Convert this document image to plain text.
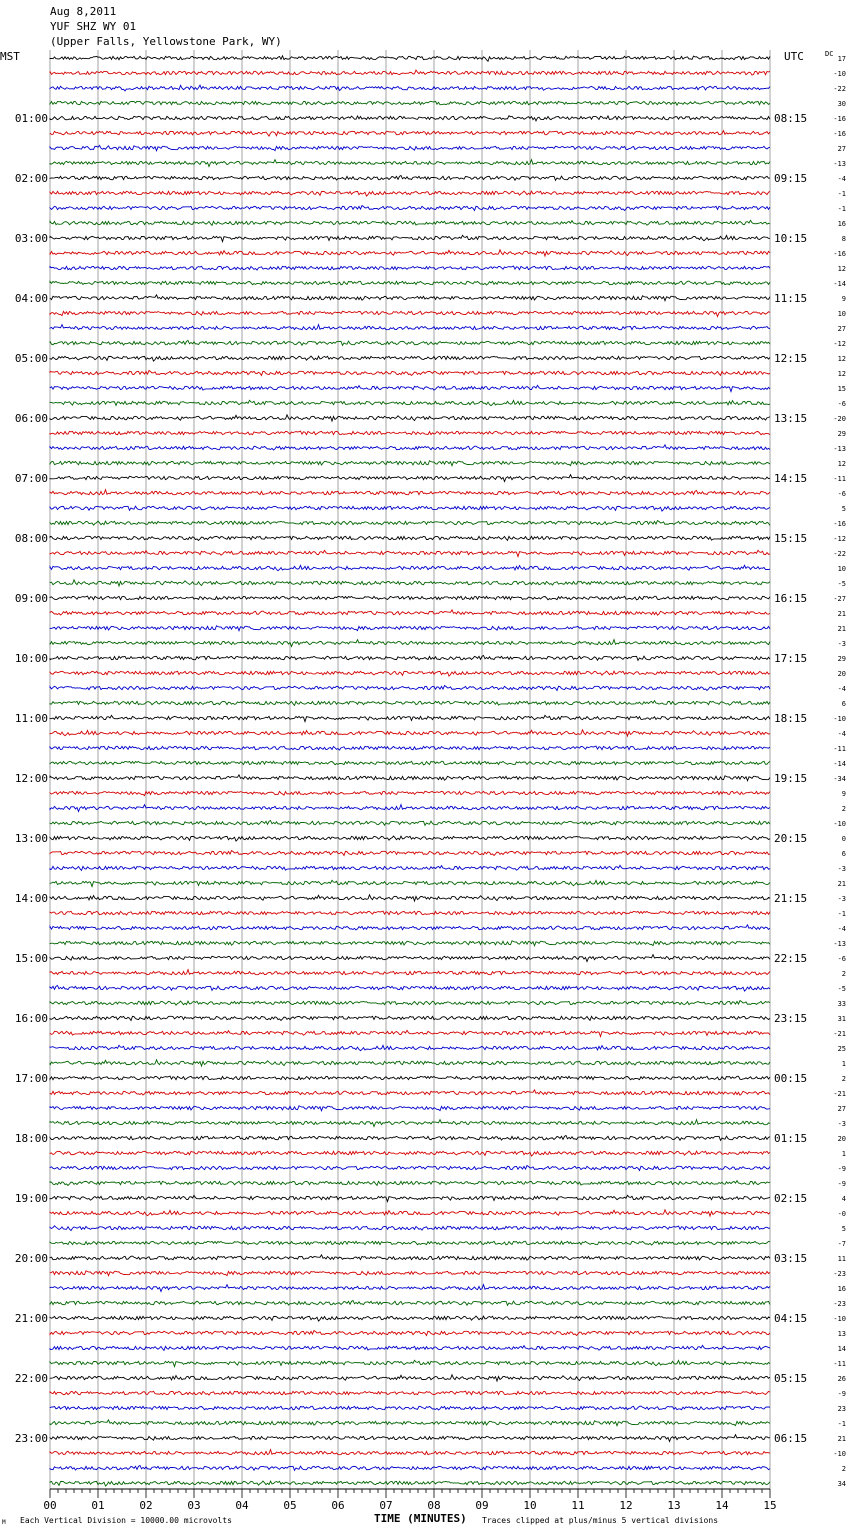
00	01	02	03	04	05	06	07	08	09	10	11	12	13	14	15
17
-10
-22
30
-16
-16
27
-13
-4
-1
-1
16
8
-16
12
-14
9
10
27
-12
12
12
15
-6
-20
29
-13
12
-11
-6
5
-16
-12
-22
10
-5
-27
21
21
-3
29
20
-4
6
-10
-4
-11
-14
-34
9
2
-10
0
6
-3
21
-3
-1
-4
-13
-6
2
-5
33
31
-21
25
1
2
-21
27
-3
20
1
-9
-9
4
-0
5
-7
11
-23
16
-23
-10
13
14
-11
26
-9
23
-1
21
-10
2
34
01:00	08:15
02:00	09:15
03:00	10:15
04:00	11:15
05:00	12:15
06:00	13:15
07:00	14:15
08:00	15:15
09:00	16:15
10:00	17:15
11:00	18:15
12:00	19:15
13:00	20:15
14:00	21:15
15:00	22:15
16:00	23:15
17:00	00:15
18:00	01:15
19:00	02:15
20:00	03:15
21:00	04:15
22:00	05:15
23:00	06:15
Aug 8,2011
YUF SHZ WY 01
(Upper Falls, Yellowstone Park, WY)
MST	UTC	DC
M Each Vertical Division = 10000.00 microvolts	TIME (MINUTES) Traces clipped at plus/minus 5 vertical divisions
